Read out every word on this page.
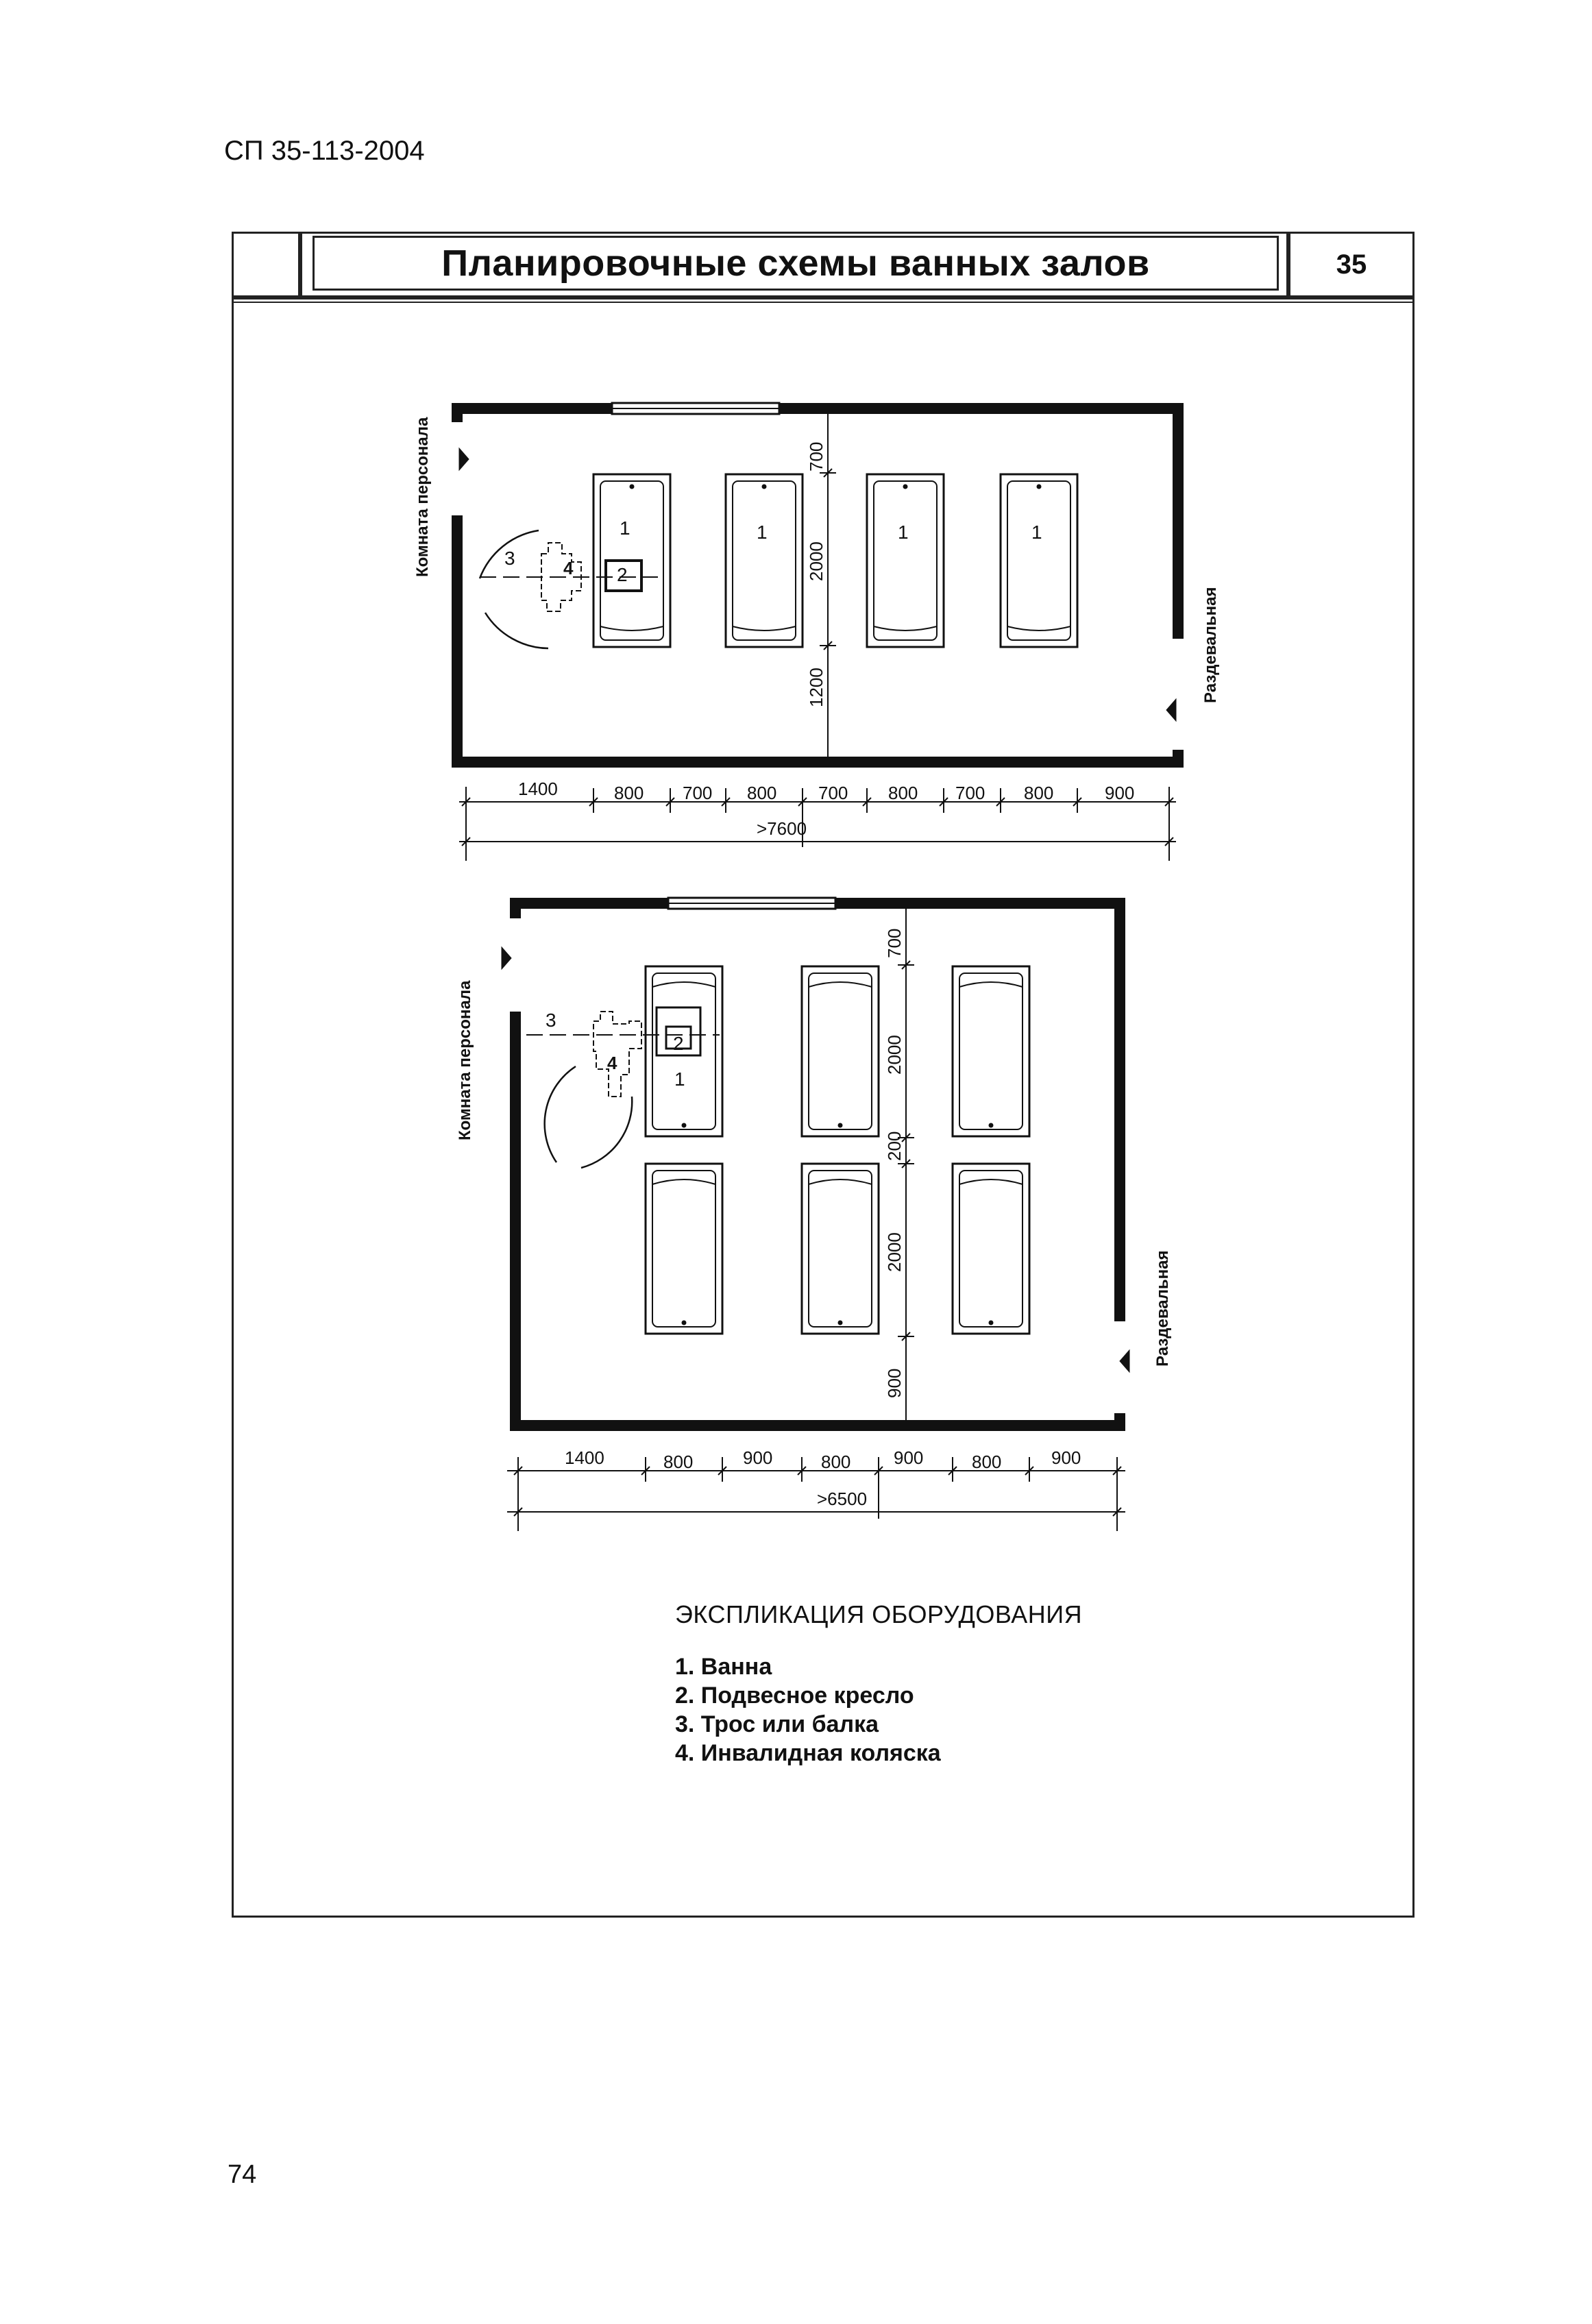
СП 35-113-2004
Планировочные схемы ванных залов	35
1	1	1	1
2
3	4
Комната персонала
Раздевальная
700
2000
1200
1400	800 700 800 700 800 700 800	900
>7600
2
1
3
4
Комната персонала
Раздевальная
700
2000
200
2000
900
1400	800	900	800 900	800	900
>6500
ЭКСПЛИКАЦИЯ ОБОРУДОВАНИЯ
1. Ванна
2. Подвесное кресло
3. Трос или балка
4. Инвалидная коляска
74
